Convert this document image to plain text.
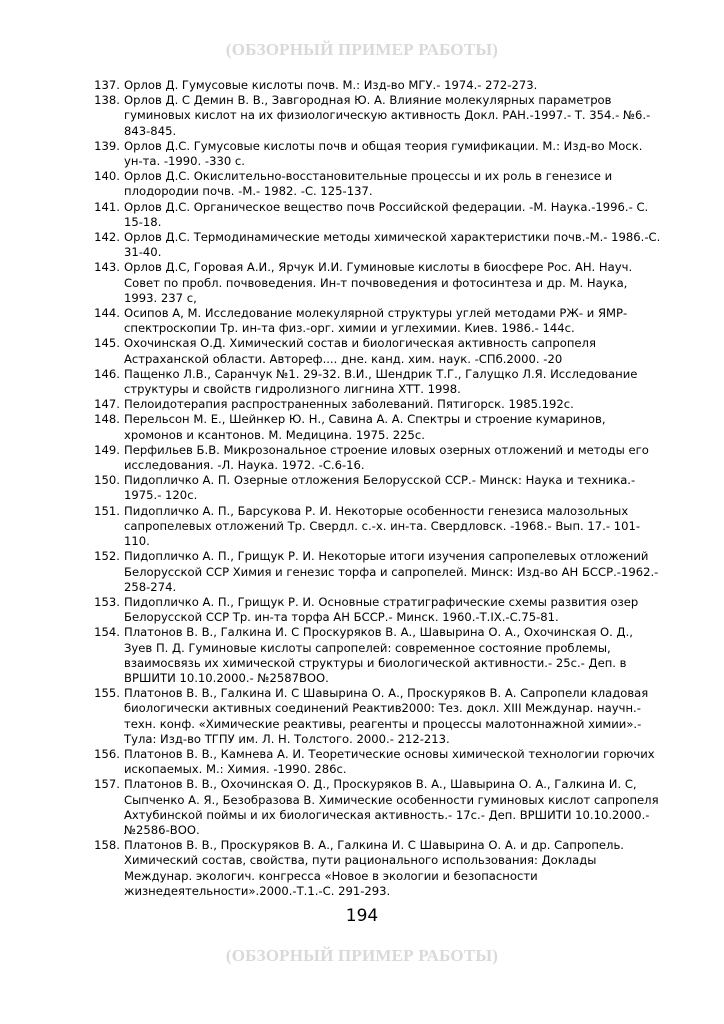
(ОБЗОРНЫЙ ПРИМЕР РАБОТЫ)
137. Орлов Д. Гумусовые кислоты почв. М.: Изд-во МГУ.- 1974.- 272-273.
138. Орлов Д. С Демин В. В., Завгородная Ю. А. Влияние молекулярных параметров гуминовых кислот на их физиологическую активность Докл. РАН.-1997.- Т. 354.- №6.- 843-845.
139. Орлов Д.С. Гумусовые кислоты почв и общая теория гумификации. М.: Изд-во Моск. ун-та. -1990. -330 с.
140. Орлов Д.С. Окислительно-восстановительные процессы и их роль в генезисе и плодородии почв. -М.- 1982. -С. 125-137.
141. Орлов Д.С. Органическое вещество почв Российской федерации. -М. Наука.-1996.- С. 15-18.
142. Орлов Д.С. Термодинамические методы химической характеристики почв.-М.- 1986.-С. 31-40.
143. Орлов Д.С, Горовая А.И., Ярчук И.И. Гуминовые кислоты в биосфере Рос. АН. Науч. Совет по пробл. почвоведения. Ин-т почвоведения и фотосинтеза и др. М. Наука, 1993. 237 с,
144. Осипов А, М. Исследование молекулярной структуры углей методами РЖ- и ЯМР-спектроскопии Тр. ин-та физ.-орг. химии и углехимии. Киев. 1986.- 144с.
145. Охочинская О.Д. Химический состав и биологическая активность сапропеля Астраханской области. Автореф.... дне. канд. хим. наук. -СПб.2000. -20
146. Пащенко Л.В., Саранчук №1. 29-32. В.И., Шендрик Т.Г., Галущко Л.Я. Исследование структуры и свойств гидролизного лигнина ХТТ. 1998.
147. Пелоидотерапия распространенных заболеваний. Пятигорск. 1985.192с.
148. Перельсон М. Е., Шейнкер Ю. Н., Савина А. А. Спектры и строение кумаринов, хромонов и ксантонов. М. Медицина. 1975. 225с.
149. Перфильев Б.В. Микрозональное строение иловых озерных отложений и методы его исследования. -Л. Наука. 1972. -С.6-16.
150. Пидопличко А. П. Озерные отложения Белорусской ССР.- Минск: Наука и техника.- 1975.- 120с.
151. Пидопличко А. П., Барсукова Р. И. Некоторые особенности генезиса малозольных сапропелевых отложений Тр. Свердл. с.-х. ин-та. Свердловск. -1968.- Вып. 17.- 101-110.
152. Пидопличко А. П., Грищук Р. И. Некоторые итоги изучения сапропелевых отложений Белорусской ССР Химия и генезис торфа и сапропелей. Минск: Изд-во АН БССР.-1962.- 258-274.
153. Пидопличко А. П., Грищук Р. И. Основные стратиграфические схемы развития озер Белорусской ССР Тр. ин-та торфа АН БССР.- Минск. 1960.-Т.IX.-С.75-81.
154. Платонов В. В., Галкина И. С Проскуряков В. А., Шавырина О. А., Охочинская О. Д., Зуев П. Д. Гуминовые кислоты сапропелей: современное состояние проблемы, взаимосвязь их химической структуры и биологической активности.- 25с.- Деп. в ВРШИТИ 10.10.2000.- №2587ВОО.
155. Платонов В. В., Галкина И. С Шавырина О. А., Проскуряков В. А. Сапропели кладовая биологически активных соединений Реактив2000: Тез. докл. XIII Междунар. научн.-техн. конф. «Химические реактивы, реагенты и процессы малотоннажной химии».- Тула: Изд-во ТГПУ им. Л. Н. Толстого. 2000.- 212-213.
156. Платонов В. В., Камнева А. И. Теоретические основы химической технологии горючих ископаемых. М.: Химия. -1990. 286с.
157. Платонов В. В., Охочинская О. Д., Проскуряков В. А., Шавырина О. А., Галкина И. С, Сыпченко А. Я., Безобразова В. Химические особенности гуминовых кислот сапропеля Ахтубинской поймы и их биологическая активность.- 17с.- Деп. ВРШИТИ 10.10.2000.- №2586-ВОО.
158. Платонов В. В., Проскуряков В. А., Галкина И. С Шавырина О. А. и др. Сапропель. Химический состав, свойства, пути рационального использования: Доклады Междунар. экологич. конгресса «Новое в экологии и безопасности жизнедеятельности».2000.-Т.1.-С. 291-293.
194
(ОБЗОРНЫЙ ПРИМЕР РАБОТЫ)
